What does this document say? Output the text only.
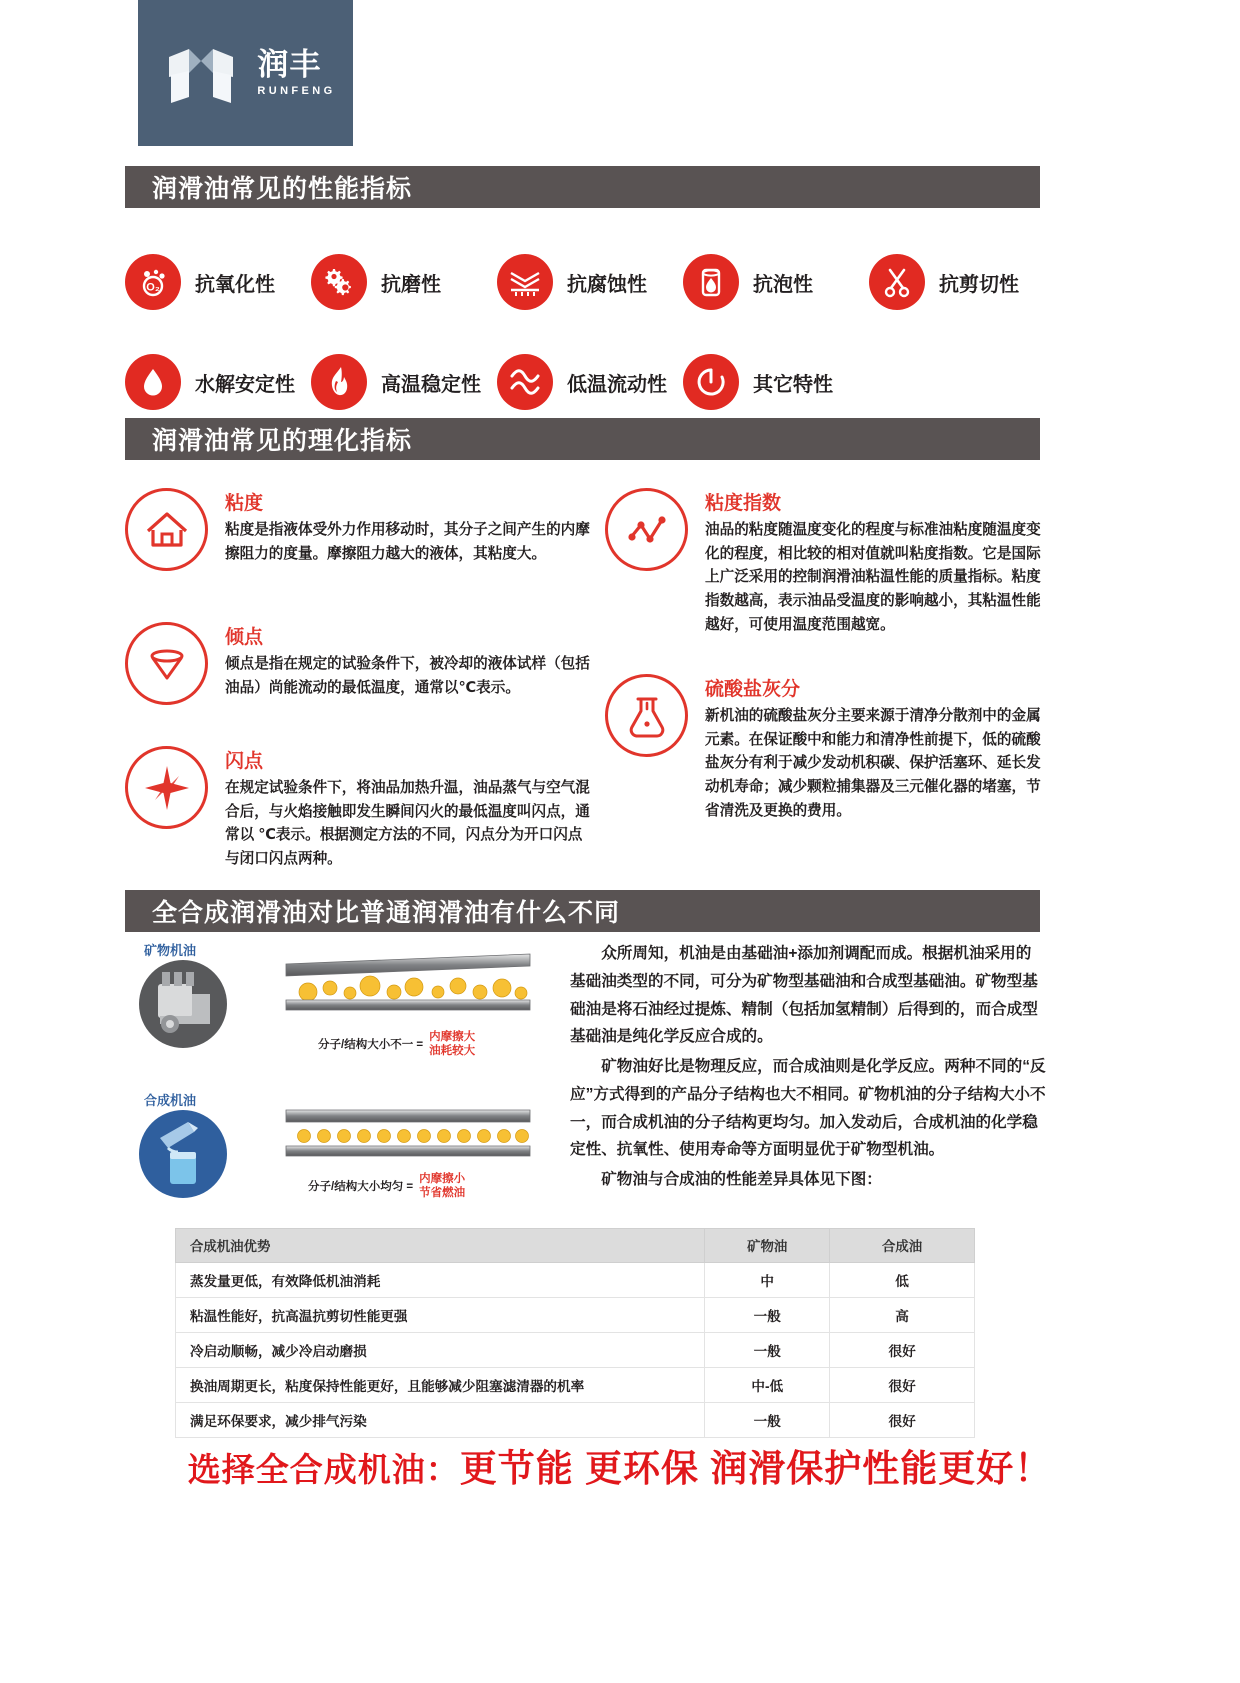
润丰
RUNFENG
润滑油常见的性能指标
O₂ 抗氧化性	抗磨性	抗腐蚀性	抗泡性	抗剪切性
水解安定性	高温稳定性	低温流动性	其它特性
润滑油常见的理化指标
粘度
粘度是指液体受外力作用移动时，其分子之间产生的内摩擦阻力的度量。摩擦阻力越大的液体，其粘度大。
倾点
倾点是指在规定的试验条件下，被冷却的液体试样（包括油品）尚能流动的最低温度，通常以℃表示。
闪点
在规定试验条件下，将油品加热升温，油品蒸气与空气混合后，与火焰接触即发生瞬间闪火的最低温度叫闪点，通常以 ℃表示。根据测定方法的不同，闪点分为开口闪点与闭口闪点两种。
粘度指数
油品的粘度随温度变化的程度与标准油粘度随温度变化的程度，相比较的相对值就叫粘度指数。它是国际上广泛采用的控制润滑油粘温性能的质量指标。粘度指数越高，表示油品受温度的影响越小，其粘温性能越好，可使用温度范围越宽。
硫酸盐灰分
新机油的硫酸盐灰分主要来源于清净分散剂中的金属元素。在保证酸中和能力和清净性前提下，低的硫酸盐灰分有利于减少发动机积碳、保护活塞环、延长发动机寿命；减少颗粒捕集器及三元催化器的堵塞，节省清洗及更换的费用。
全合成润滑油对比普通润滑油有什么不同
矿物机油
分子/结构大小不一 =
内摩擦大
油耗较大
合成机油
分子/结构大小均匀 =
内摩擦小
节省燃油

众所周知，机油是由基础油+添加剂调配而成。根据机油采用的基础油类型的不同，可分为矿物型基础油和合成型基础油。矿物型基础油是将石油经过提炼、精制（包括加氢精制）后得到的，而合成型基础油是纯化学反应合成的。

矿物油好比是物理反应，而合成油则是化学反应。两种不同的“反应”方式得到的产品分子结构也大不相同。矿物机油的分子结构大小不一，而合成机油的分子结构更均匀。加入发动后，合成机油的化学稳定性、抗氧性、使用寿命等方面明显优于矿物型机油。

矿物油与合成油的性能差异具体见下图：

合成机油优势	矿物油	合成油
蒸发量更低，有效降低机油消耗	中	低
粘温性能好，抗高温抗剪切性能更强	一般	高
冷启动顺畅，减少冷启动磨损	一般	很好
换油周期更长，粘度保持性能更好，且能够减少阻塞滤清器的机率	中-低	很好
满足环保要求，减少排气污染	一般	很好
选择全合成机油：更节能 更环保 润滑保护性能更好！
